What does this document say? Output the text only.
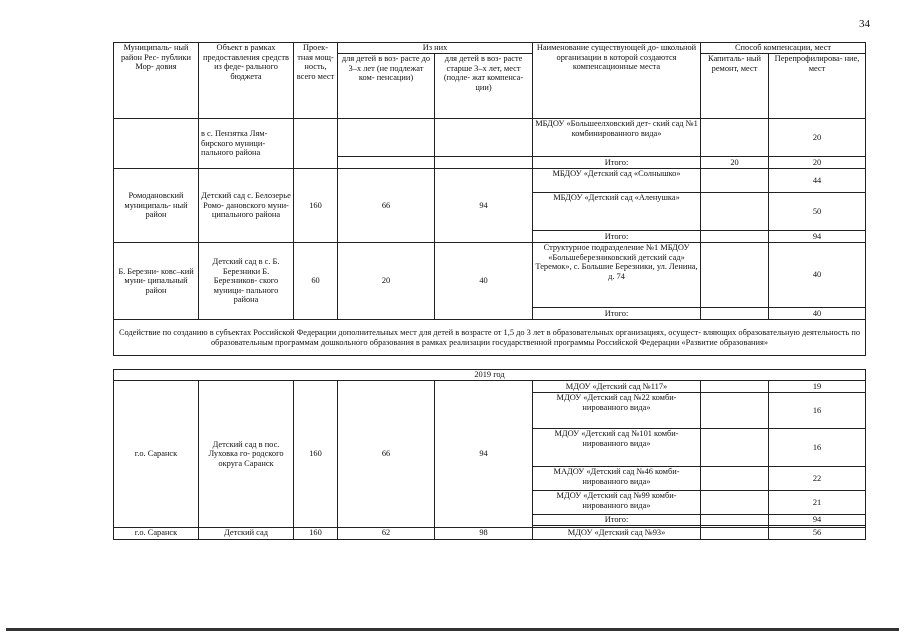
34
Муниципаль- ный район Рес- публики Мор- довия	Объект в рамках предоставления средств из феде- рального бюджета	Проек- тная мощ- ность, всего мест	Из них		Наименование существующей до- школьной организации в которой создаются компенсационные места	Способ компенсации, мест	
			для детей в воз- расте до 3–х лет (не подлежат ком- пенсации)	для детей в воз- расте старше 3–х лет, мест (подле- жат компенса- ции)		Капиталь- ный ремонт, мест	Перепрофилирова- ние, мест
	в с. Пензятка Лям- бирского муници- пального района				МБДОУ «Большеелховский дет- ский сад №1 комбинированного вида»		20
					Итого:	20	20
Ромодановский муниципаль- ный район	Детский сад с. Белозерье Ромо- дановского муни- ципального района	160	66	94	МБДОУ «Детский сад «Солнышко»		44
					МБДОУ «Детский сад «Аленушка»		50
					Итого:		94
Б. Березни- ковс–кий муни- ципальный район	Детский сад в с. Б. Березники Б. Березников- ского муници- пального района	60	20	40	Структурное подразделение №1 МБДОУ «Большеберезниковский детский сад» Теремок», с. Большие Березники, ул. Ленина, д. 74		40
					Итого:		40
Содействие по созданию в субъектах Российской Федерации дополнительных мест для детей в возрасте от 1,5 до 3 лет в образовательных организациях, осущест- вляющих образовательную деятельность по образовательным программам дошкольного образования в рамках реализации государственной программы Российской Федерации «Развитие образования»							

2019 год							
г.о. Саранск	Детский сад в пос. Луховка го- родского округа Саранск	160	66	94	МДОУ «Детский сад №117»		19
					МДОУ «Детский сад №22 комби- нированного вида»		16
					МДОУ «Детский сад №101 комби- нированного вида»		16
					МАДОУ «Детский сад №46 комби- нированного вида»		22
					МДОУ «Детский сад №99 комби- нированного вида»		21
					Итого:		94

г.о. Саранск	Детский сад	160	62	98	МДОУ «Детский сад №93»		56
